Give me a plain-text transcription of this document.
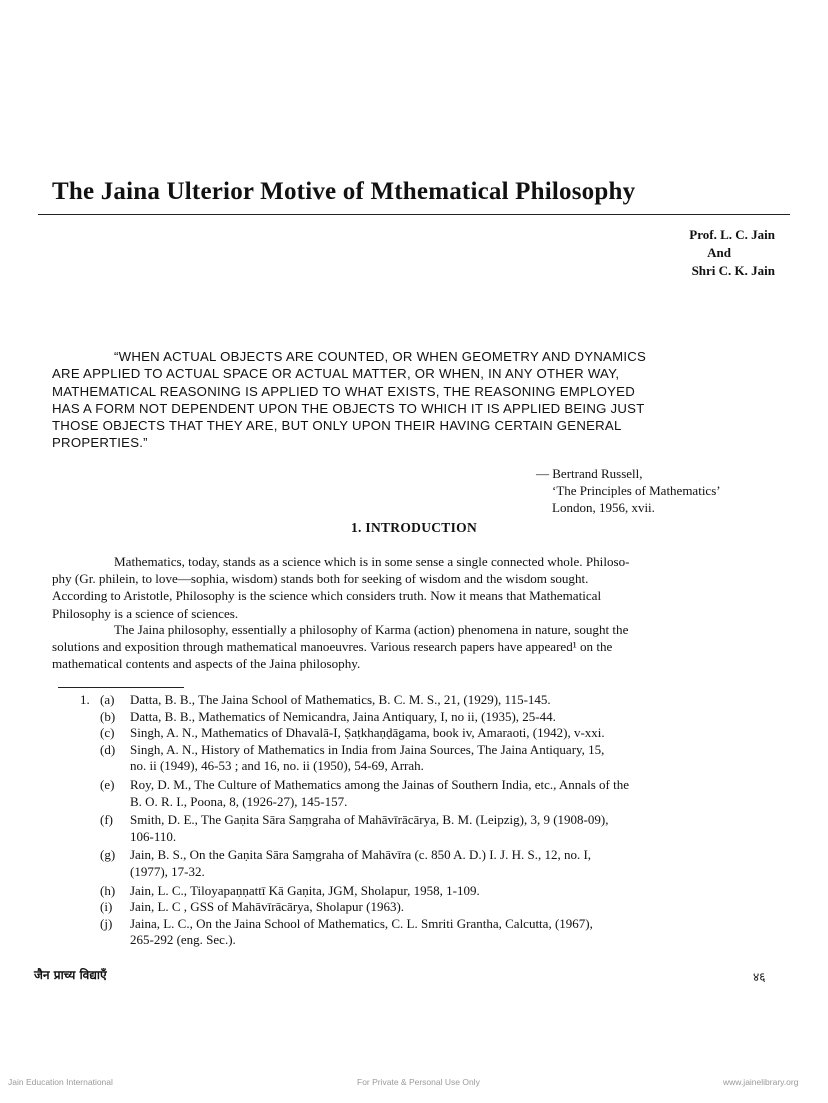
The Jaina Ulterior Motive of Mthematical Philosophy
Prof. L. C. Jain
And
Shri C. K. Jain
“WHEN ACTUAL OBJECTS ARE COUNTED, OR WHEN GEOMETRY AND DYNAMICS
ARE APPLIED TO ACTUAL SPACE OR ACTUAL MATTER, OR WHEN, IN ANY OTHER WAY,
MATHEMATICAL REASONING IS APPLIED TO WHAT EXISTS, THE REASONING EMPLOYED
HAS A FORM NOT DEPENDENT UPON THE OBJECTS TO WHICH IT IS APPLIED BEING JUST
THOSE OBJECTS THAT THEY ARE, BUT ONLY UPON THEIR HAVING CERTAIN GENERAL
PROPERTIES.”
— Bertrand Russell,
‘The Principles of Mathematics’
London, 1956, xvii.
1. INTRODUCTION
Mathematics, today, stands as a science which is in some sense a single connected whole. Philoso-
phy (Gr. philein, to love—sophia, wisdom) stands both for seeking of wisdom and the wisdom sought.
According to Aristotle, Philosophy is the science which considers truth. Now it means that Mathematical
Philosophy is a science of sciences.
The Jaina philosophy, essentially a philosophy of Karma (action) phenomena in nature, sought the
solutions and exposition through mathematical manoeuvres. Various research papers have appeared¹ on the
mathematical contents and aspects of the Jaina philosophy.
1. (a)	Datta, B. B., The Jaina School of Mathematics, B. C. M. S., 21, (1929), 115-145.
(b)	Datta, B. B., Mathematics of Nemicandra, Jaina Antiquary, I, no ii, (1935), 25-44.
(c)	Singh, A. N., Mathematics of Dhavalā-I, Ṣaṭkhaṇḍāgama, book iv, Amaraoti, (1942), v-xxi.
(d)	Singh, A. N., History of Mathematics in India from Jaina Sources, The Jaina Antiquary, 15,
no. ii (1949), 46-53 ; and 16, no. ii (1950), 54-69, Arrah.
(e)	Roy, D. M., The Culture of Mathematics among the Jainas of Southern India, etc., Annals of the
B. O. R. I., Poona, 8, (1926-27), 145-157.
(f)	Smith, D. E., The Gaṇita Sāra Saṃgraha of Mahāvīrācārya, B. M. (Leipzig), 3, 9 (1908-09),
106-110.
(g)	Jain, B. S., On the Gaṇita Sāra Saṃgraha of Mahāvīra (c. 850 A. D.) I. J. H. S., 12, no. I,
(1977), 17-32.
(h)	Jain, L. C., Tiloyapaṇṇattī Kā Gaṇita, JGM, Sholapur, 1958, 1-109.
(i)	Jain, L. C , GSS of Mahāvīrācārya, Sholapur (1963).
(j)	Jaina, L. C., On the Jaina School of Mathematics, C. L. Smriti Grantha, Calcutta, (1967),
265-292 (eng. Sec.).
जैन प्राच्य विद्याएँ	४६
Jain Education International	For Private & Personal Use Only	www.jainelibrary.org
